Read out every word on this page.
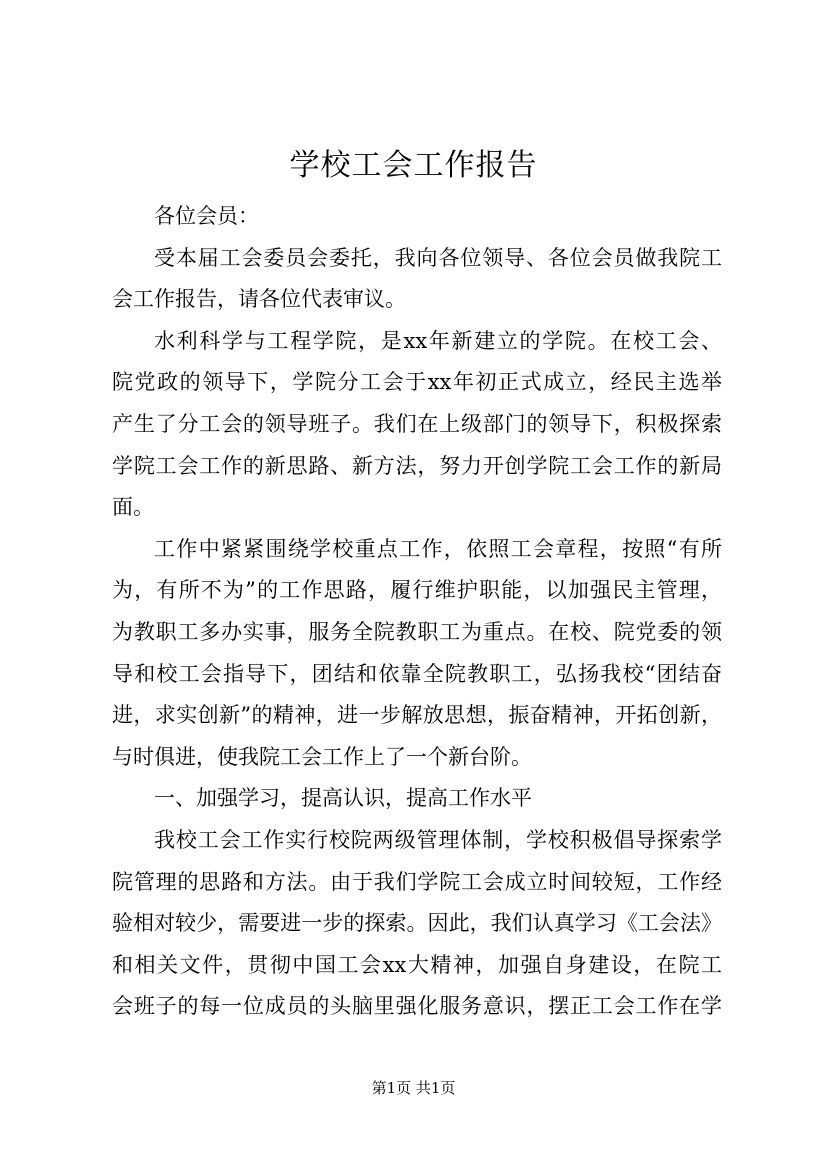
学校工会工作报告
各位会员：
受本届工会委员会委托，我向各位领导、各位会员做我院工
会工作报告，请各位代表审议。
水利科学与工程学院，是xx年新建立的学院。在校工会、
院党政的领导下，学院分工会于xx年初正式成立，经民主选举
产生了分工会的领导班子。我们在上级部门的领导下，积极探索
学院工会工作的新思路、新方法，努力开创学院工会工作的新局
面。
工作中紧紧围绕学校重点工作，依照工会章程，按照“有所
为，有所不为”的工作思路，履行维护职能，以加强民主管理，
为教职工多办实事，服务全院教职工为重点。在校、院党委的领
导和校工会指导下，团结和依靠全院教职工，弘扬我校“团结奋
进，求实创新”的精神，进一步解放思想，振奋精神，开拓创新，
与时俱进，使我院工会工作上了一个新台阶。
一、加强学习，提高认识，提高工作水平
我校工会工作实行校院两级管理体制，学校积极倡导探索学
院管理的思路和方法。由于我们学院工会成立时间较短，工作经
验相对较少，需要进一步的探索。因此，我们认真学习《工会法》
和相关文件，贯彻中国工会xx大精神，加强自身建设，在院工
会班子的每一位成员的头脑里强化服务意识，摆正工会工作在学
第1页 共1页
